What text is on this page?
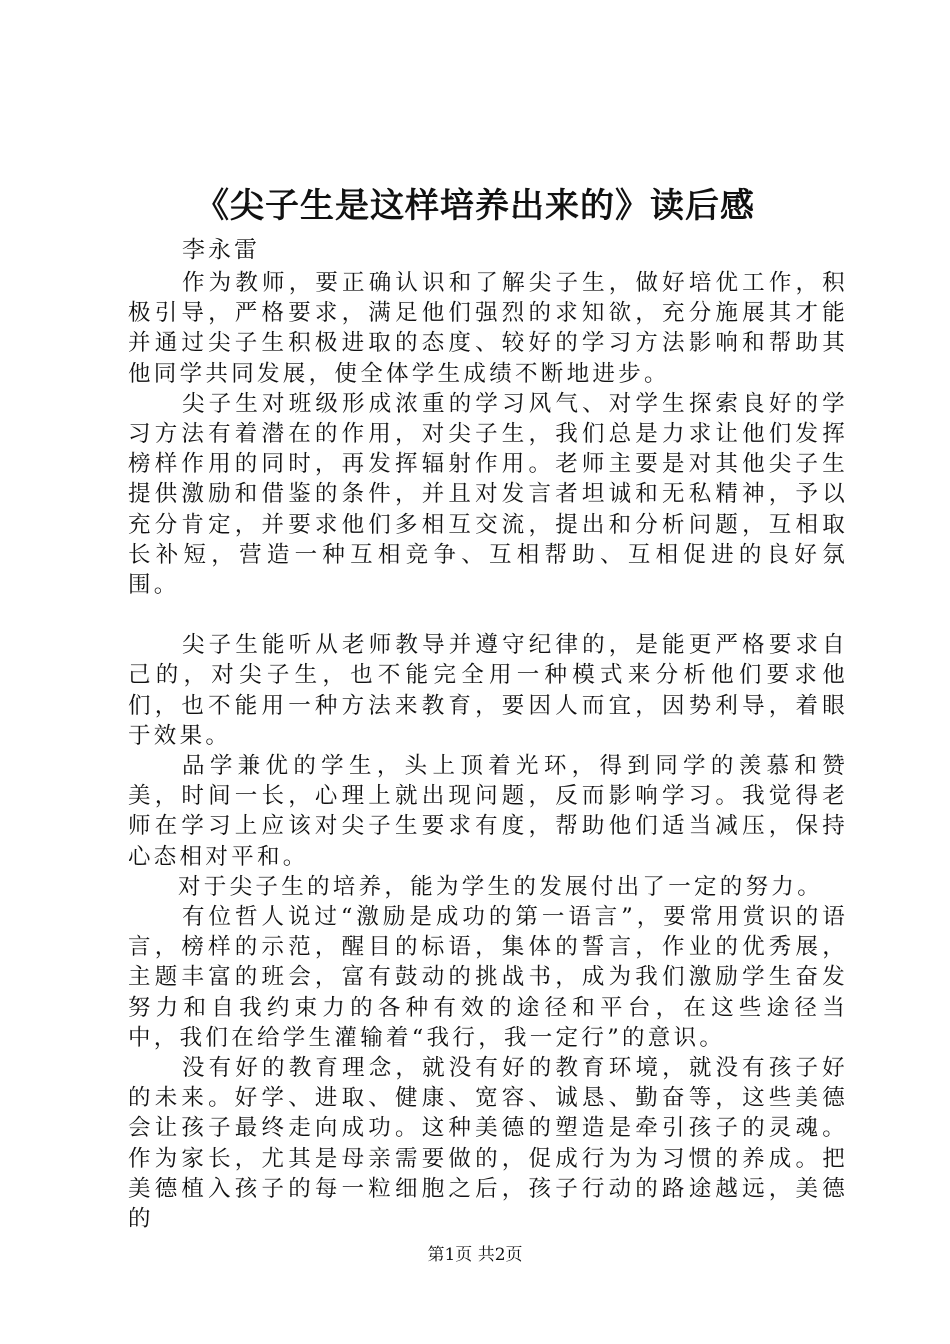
《尖子生是这样培养出来的》读后感
李永雷

作为教师，要正确认识和了解尖子生，做好培优工作，积极引导，严格要求，满足他们强烈的求知欲，充分施展其才能并通过尖子生积极进取的态度、较好的学习方法影响和帮助其他同学共同发展，使全体学生成绩不断地进步。

尖子生对班级形成浓重的学习风气、对学生探索良好的学习方法有着潜在的作用，对尖子生，我们总是力求让他们发挥榜样作用的同时，再发挥辐射作用。老师主要是对其他尖子生提供激励和借鉴的条件，并且对发言者坦诚和无私精神，予以充分肯定，并要求他们多相互交流，提出和分析问题，互相取长补短，营造一种互相竞争、互相帮助、互相促进的良好氛围。

尖子生能听从老师教导并遵守纪律的，是能更严格要求自己的，对尖子生，也不能完全用一种模式来分析他们要求他们，也不能用一种方法来教育，要因人而宜，因势利导，着眼于效果。

品学兼优的学生，头上顶着光环，得到同学的羡慕和赞美，时间一长，心理上就出现问题，反而影响学习。我觉得老师在学习上应该对尖子生要求有度，帮助他们适当减压，保持心态相对平和。

对于尖子生的培养，能为学生的发展付出了一定的努力。

有位哲人说过“激励是成功的第一语言”，要常用赏识的语言，榜样的示范，醒目的标语，集体的誓言，作业的优秀展，主题丰富的班会，富有鼓动的挑战书，成为我们激励学生奋发努力和自我约束力的各种有效的途径和平台，在这些途径当中，我们在给学生灌输着“我行，我一定行”的意识。

没有好的教育理念，就没有好的教育环境，就没有孩子好的未来。好学、进取、健康、宽容、诚恳、勤奋等，这些美德会让孩子最终走向成功。这种美德的塑造是牵引孩子的灵魂。作为家长，尤其是母亲需要做的，促成行为为习惯的养成。把美德植入孩子的每一粒细胞之后，孩子行动的路途越远，美德的

第1页 共2页
